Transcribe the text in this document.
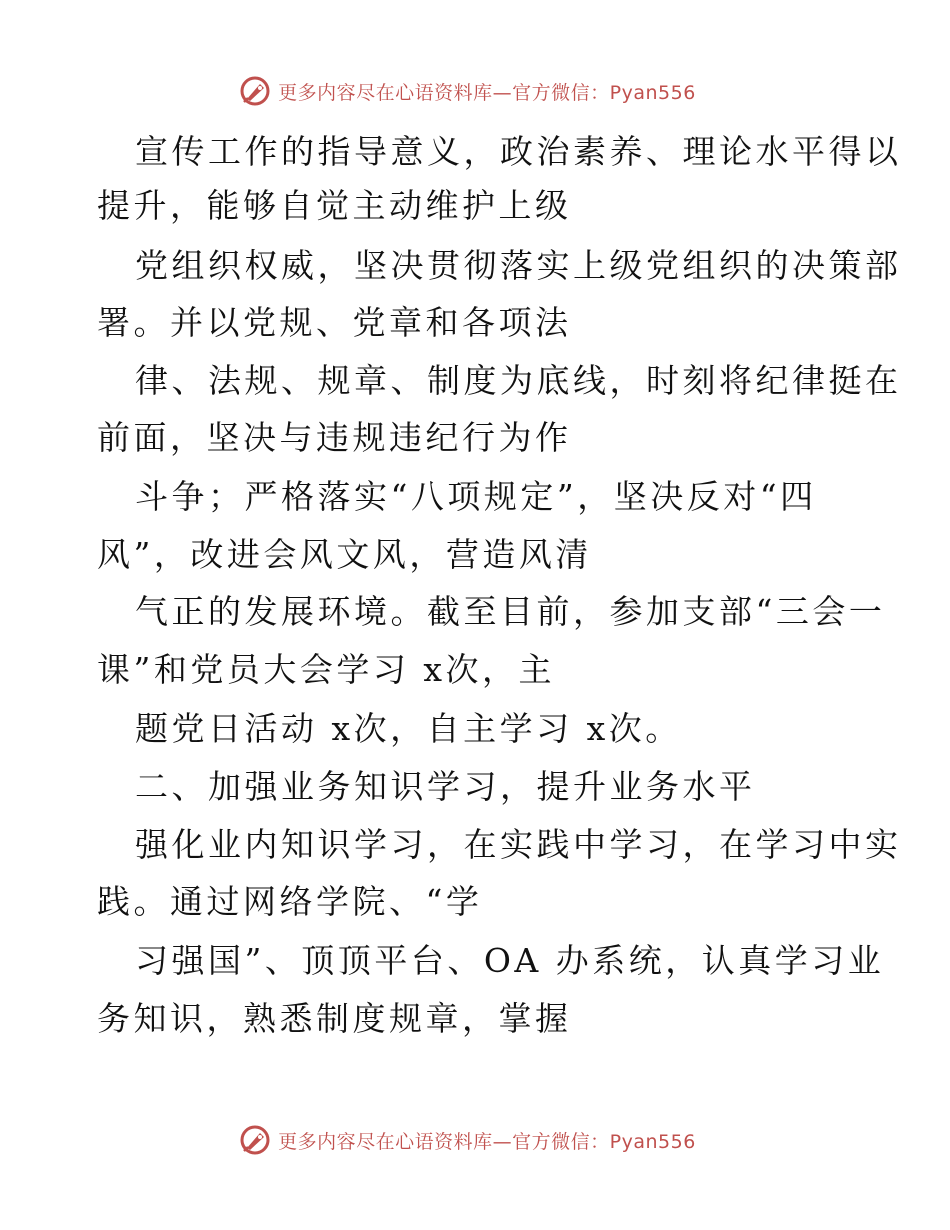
更多内容尽在心语资料库—官方微信：Pyan556
宣传工作的指导意义，政治素养、理论水平得以
提升，能够自觉主动维护上级
党组织权威，坚决贯彻落实上级党组织的决策部
署。并以党规、党章和各项法
律、法规、规章、制度为底线，时刻将纪律挺在
前面，坚决与违规违纪行为作
斗争；严格落实“八项规定”，坚决反对“四
风”，改进会风文风，营造风清
气正的发展环境。截至目前，参加支部“三会一
课”和党员大会学习 x次，主
题党日活动 x次，自主学习 x次。
二、加强业务知识学习，提升业务水平
强化业内知识学习，在实践中学习，在学习中实
践。通过网络学院、“学
习强国”、顶顶平台、OA 办系统，认真学习业
务知识，熟悉制度规章，掌握
更多内容尽在心语资料库—官方微信：Pyan556
